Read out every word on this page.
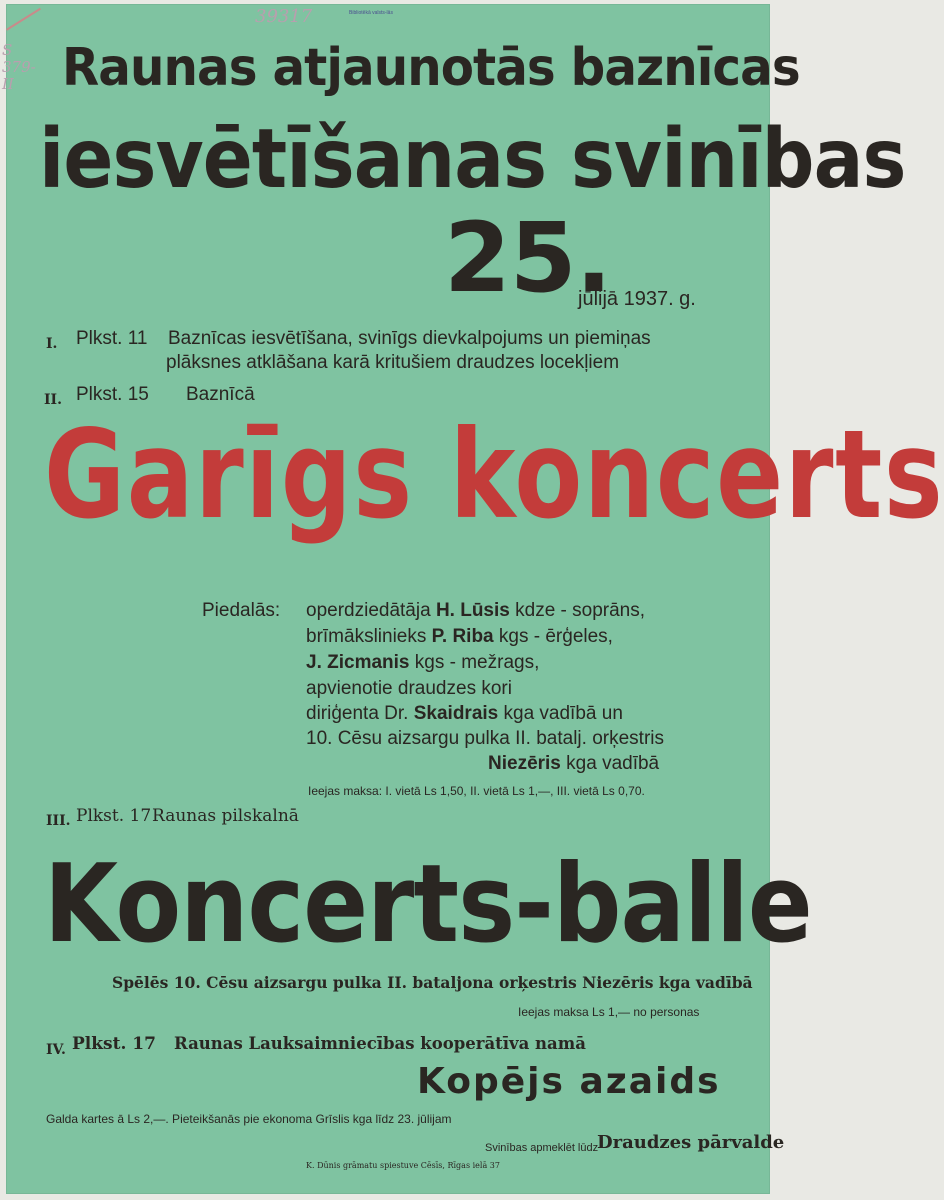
39317	Bibliotēkā valsts-lās
S 379-II Raunas atjaunotās baznīcas
iesvētīšanas svinības
25.
jūlijā 1937. g.
I. Plkst. 11 Baznīcas iesvētīšana, svinīgs dievkalpojums un piemiņas
plāksnes atklāšana karā kritušiem draudzes locekļiem
II. Plkst. 15 Baznīcā
Garīgs koncerts
Piedalās: operdziedātāja H. Lūsis kdze - soprāns,
brīmākslinieks P. Riba kgs - ērģeles,
J. Zicmanis kgs - mežrags,
apvienotie draudzes kori
diriģenta Dr. Skaidrais kga vadībā un
10. Cēsu aizsargu pulka II. batalj. orķestris
Niezēris kga vadībā
Ieejas maksa: I. vietā Ls 1,50, II. vietā Ls 1,—, III. vietā Ls 0,70.
III. Plkst. 17 Raunas pilskalnā
Koncerts-balle
Spēlēs 10. Cēsu aizsargu pulka II. bataljona orķestris Niezēris kga vadībā
Ieejas maksa Ls 1,— no personas
IV. Plkst. 17 Raunas Lauksaimniecības kooperātīva namā
Kopējs azaids
Galda kartes ā Ls 2,—. Pieteikšanās pie ekonoma Grīslis kga līdz 23. jūlijam
Svinības apmeklēt lūdz
Draudzes pārvalde
K. Dūnis grāmatu spiestuve Cēsīs, Rīgas ielā 37
